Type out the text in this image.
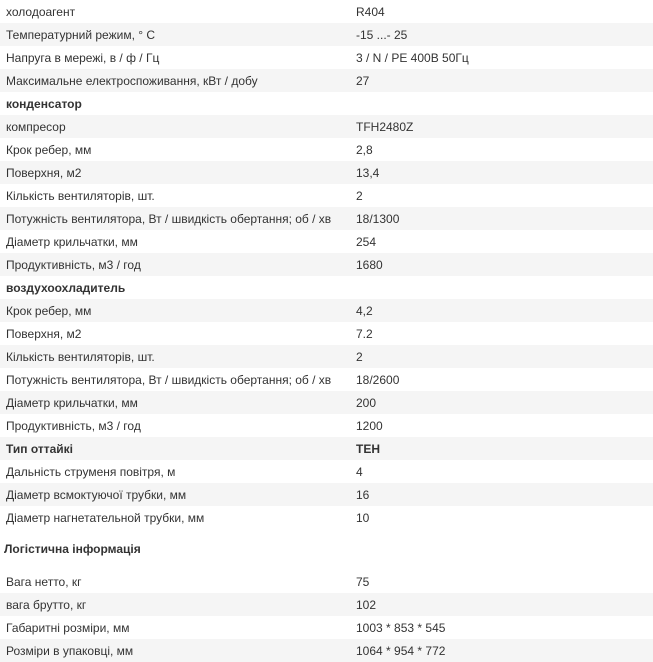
холодоагент	R404
Температурний режим, ° С	-15 ...- 25
Напруга в мережі, в / ф / Гц	3 / N / PE 400В 50Гц
Максимальне електроспоживання, кВт / добу	27
конденсатор
компресор	TFH2480Z
Крок ребер, мм	2,8
Поверхня, м2	13,4
Кількість вентиляторів, шт.	2
Потужність вентилятора, Вт / швидкість обертання; об / хв	18/1300
Діаметр крильчатки, мм	254
Продуктивність, м3 / год	1680
воздухоохладитель
Крок ребер, мм	4,2
Поверхня, м2	7.2
Кількість вентиляторів, шт.	2
Потужність вентилятора, Вт / швидкість обертання; об / хв	18/2600
Діаметр крильчатки, мм	200
Продуктивність, м3 / год	1200
Тип оттайкі	ТЕН
Дальність струменя повітря, м	4
Діаметр всмоктуючої трубки, мм	16
Діаметр нагнетательной трубки, мм	10
Логістична інформація
Вага нетто, кг	75
вага брутто, кг	102
Габаритні розміри, мм	1003 * 853 * 545
Розміри в упаковці, мм	1064 * 954 * 772
